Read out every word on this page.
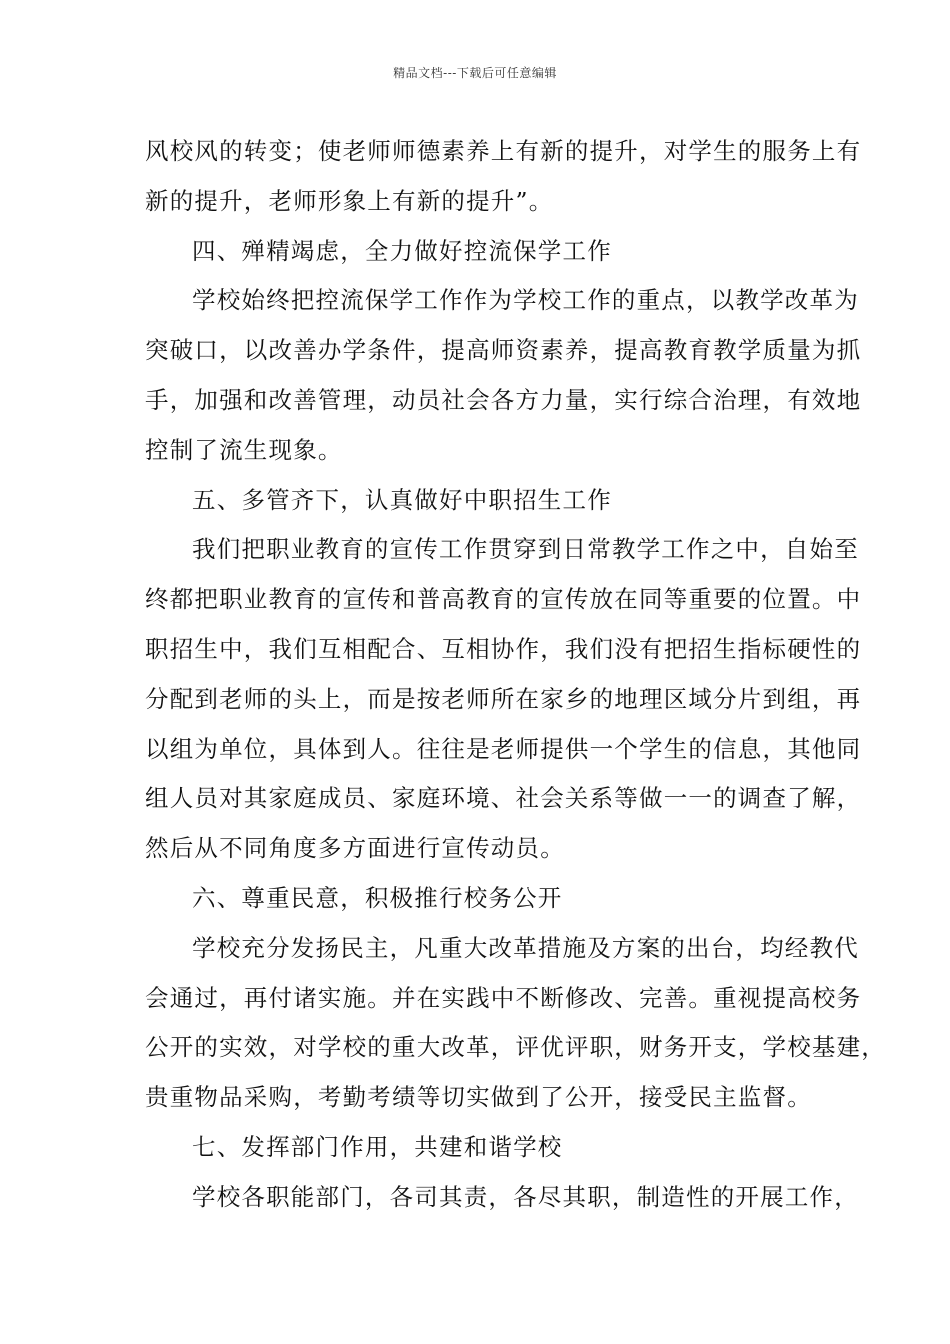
精品文档---下载后可任意编辑
风校风的转变；使老师师德素养上有新的提升，对学生的服务上有
新的提升，老师形象上有新的提升”。
四、殚精竭虑，全力做好控流保学工作
学校始终把控流保学工作作为学校工作的重点，以教学改革为
突破口，以改善办学条件，提高师资素养，提高教育教学质量为抓
手，加强和改善管理，动员社会各方力量，实行综合治理，有效地
控制了流生现象。
五、多管齐下，认真做好中职招生工作
我们把职业教育的宣传工作贯穿到日常教学工作之中，自始至
终都把职业教育的宣传和普高教育的宣传放在同等重要的位置。中
职招生中，我们互相配合、互相协作，我们没有把招生指标硬性的
分配到老师的头上，而是按老师所在家乡的地理区域分片到组，再
以组为单位，具体到人。往往是老师提供一个学生的信息，其他同
组人员对其家庭成员、家庭环境、社会关系等做一一的调查了解，
然后从不同角度多方面进行宣传动员。
六、尊重民意，积极推行校务公开
学校充分发扬民主，凡重大改革措施及方案的出台，均经教代
会通过，再付诸实施。并在实践中不断修改、完善。重视提高校务
公开的实效，对学校的重大改革，评优评职，财务开支，学校基建，
贵重物品采购，考勤考绩等切实做到了公开，接受民主监督。
七、发挥部门作用，共建和谐学校
学校各职能部门，各司其责，各尽其职，制造性的开展工作，
